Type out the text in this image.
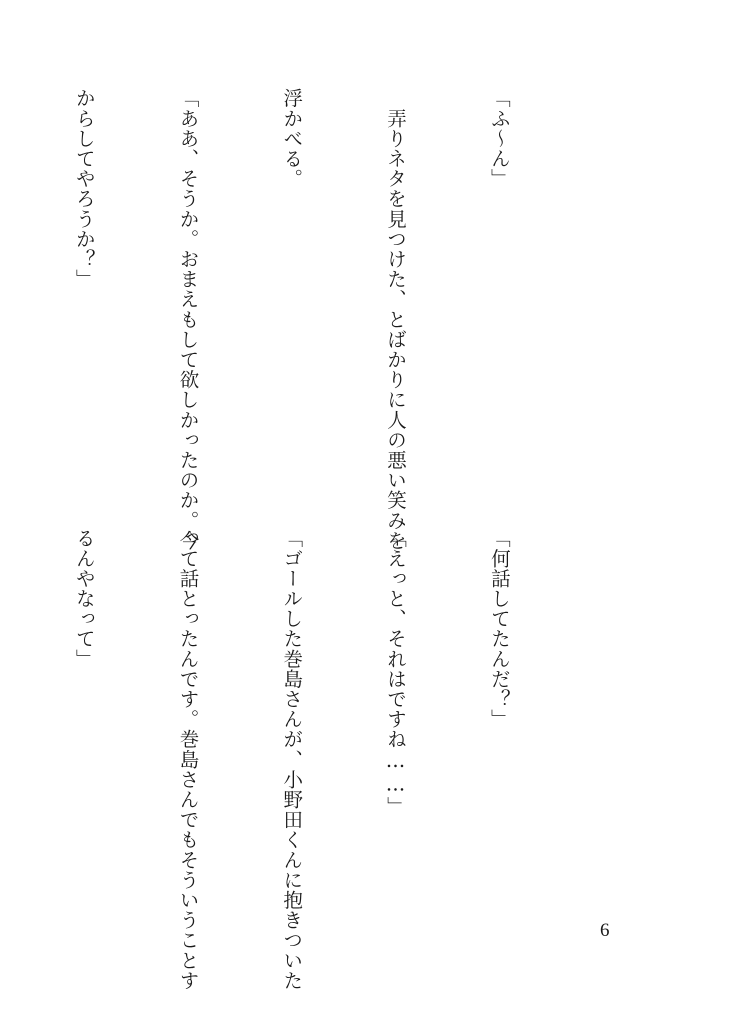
「ふ〜ん」

　弄りネタを見つけた、とばかりに人の悪い笑みを

浮かべる。

「ああ、そうか。おまえもして欲しかったのか。今

からしてやろうか？」

「何話してたんだ？」

「えっと、それはですね……」

「ゴールした巻島さんが、小野田くんに抱きついた

って話とったんです。巻島さんでもそういうことす

るんやなって」

6
